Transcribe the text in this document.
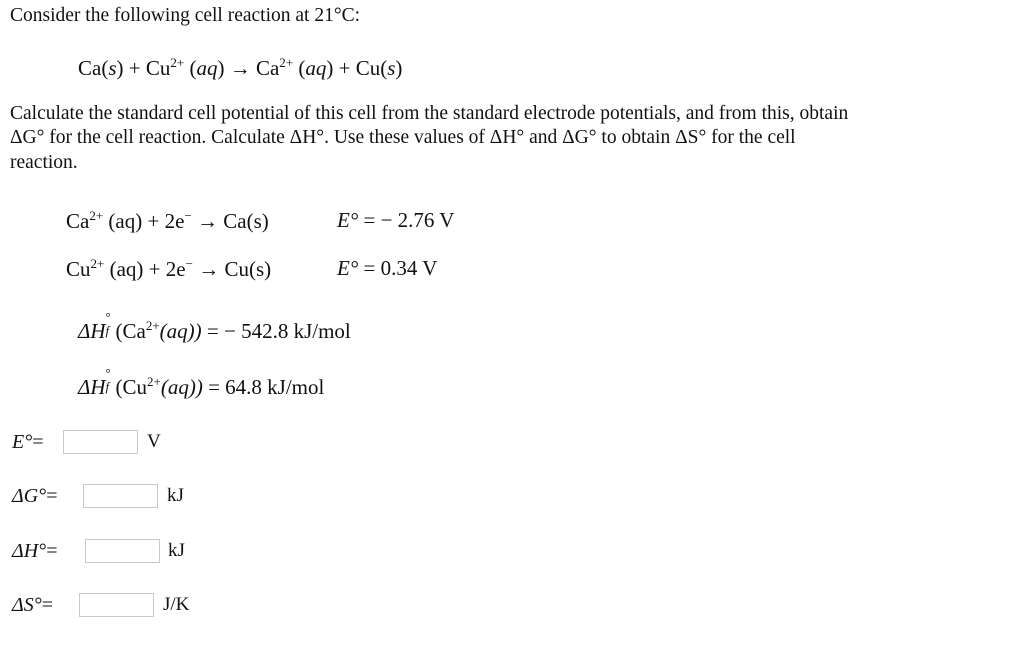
Consider the following cell reaction at 21°C:
$Ca(s) + Cu^{2+}$ $(aq) \to Ca^{2+}$ (aq) + Cu(s)
Calculate the standard cell potential of this cell from the standard electrode potentials, and from this, obtain
ΔG° for the cell reaction. Calculate ΔH°. Use these values of ΔH° and ΔG° to obtain ΔS° for the cell
reaction.
$Ca^{2+}$ (aq) + 2e− → Ca(s)	E° = − 2.76 V
$Cu^{2+}$ (aq) + 2e− → Cu(s)	E° = 0.34 V
ΔH
°
f $(Ca^{2+}(aq))$ = − 542.8 kJ/mol
ΔH
°
f $(Cu^{2+}(aq)) = 64.8$ kJ/mol
E° =	V
ΔG° =	kJ
ΔH° =	kJ
ΔS° =	J/K
